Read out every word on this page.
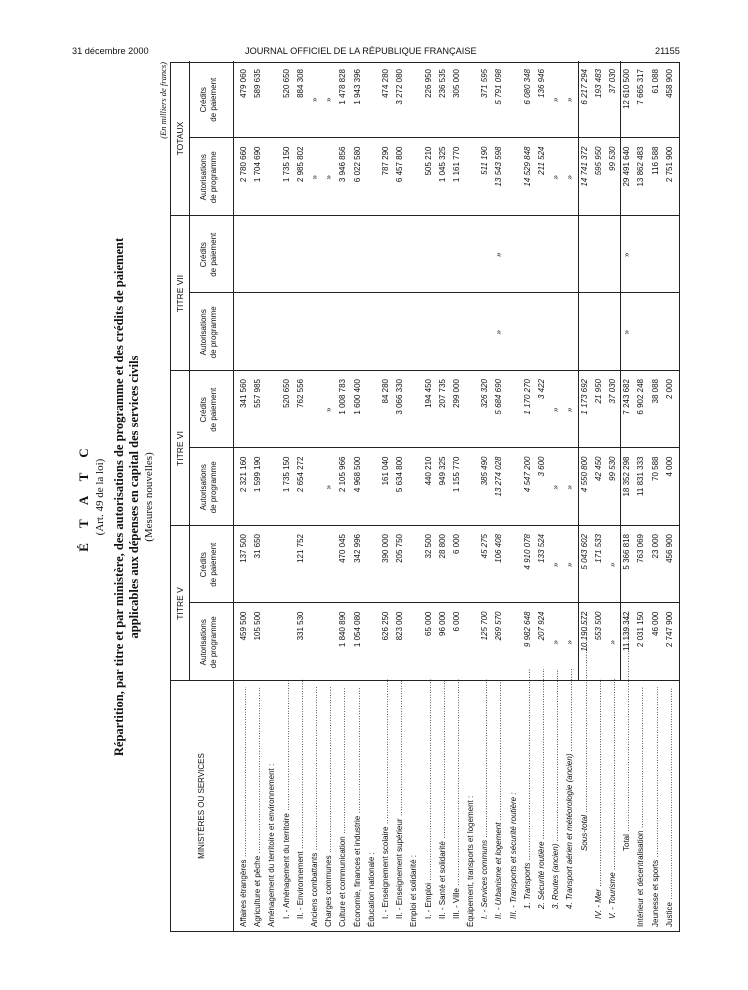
31 décembre 2000	JOURNAL OFFICIEL DE LA RÉPUBLIQUE FRANÇAISE	21155
É T A T C (Art. 49 de la loi) Répartition, par titre et par ministère, des autorisations de programme et des crédits de paiement applicables aux dépenses en capital des services civils (Mesures nouvelles)
(En milliers de francs)
MINISTÈRES OU SERVICES
TITRE V
TITRE VI
TITRE VII
TOTAUX
Autorisations de programme
Crédits de paiement
Autorisations de programme
Crédits de paiement
Autorisations de programme
Crédits de paiement
Autorisations de programme
Crédits de paiement
Affaires étrangères .....
459 500
137 500
2 321 160
341 560
2 780 660
479 060
Agriculture et pêche .....
105 500
31 650
1 599 190
557 985
1 704 690
589 635
Aménagement du territoire et environnement : I. - Aménagement du territoire .....
1 735 150
520 650
1 735 150
520 650
II. - Environnement .....
331 530
121 752
2 654 272
762 556
2 985 802
884 308
Anciens combattants .....
»
»
Charges communes .....
»
»
»
»
Culture et communication .....
1 840 890
470 045
2 105 966
1 008 783
3 946 856
1 478 828
Économie, finances et industrie .....
1 054 080
342 996
4 968 500
1 600 400
6 022 580
1 943 396
Éducation nationale : I. - Enseignement scolaire .....
626 250
390 000
161 040
84 280
787 290
474 280
II. - Enseignement supérieur .....
823 000
205 750
5 634 800
3 066 330
6 457 800
3 272 080
Emploi et solidarité : I. - Emploi .....
65 000
32 500
440 210
194 450
505 210
226 950
II. - Santé et solidarité .....
96 000
28 800
949 325
207 735
1 045 325
236 535
III. - Ville .....
6 000
6 000
1 155 770
299 000
1 161 770
305 000
Équipement, transports et logement : I. - Services communs .....
125 700
45 275
385 490
326 320
511 190
371 595
II. - Urbanisme et logement .....
269 570
106 408
13 274 028
5 684 690
»
»
13 543 598
5 791 098
III. - Transports et sécurité routière : 1. Transports .....
9 982 648
4 910 078
4 547 200
1 170 270
14 529 848
6 080 348
2. Sécurité routière .....
207 924
133 524
3 600
3 422
211 524
136 946
3. Routes (ancien) .....
»
»
»
»
»
»
4. Transport aérien et météorologie (ancien) .....
»
»
»
»
»
»
Sous-total .....
10 190 572
5 043 602
4 550 800
1 173 692
14 741 372
6 217 294
IV. - Mer .....
553 500
171 533
42 450
21 950
595 950
193 483
V. - Tourisme .....
»
»
99 530
37 030
99 530
37 030
Total .....
11 139 342
5 366 818
18 352 298
7 243 682
»
»
29 491 640
12 610 500
Intérieur et décentralisation .....
2 031 150
763 069
11 831 333
6 902 248
13 862 483
7 665 317
Jeunesse et sports .....
46 000
23 000
70 588
38 088
116 588
61 088
Justice .....
2 747 900
456 900
4 000
2 000
2 751 900
458 900
